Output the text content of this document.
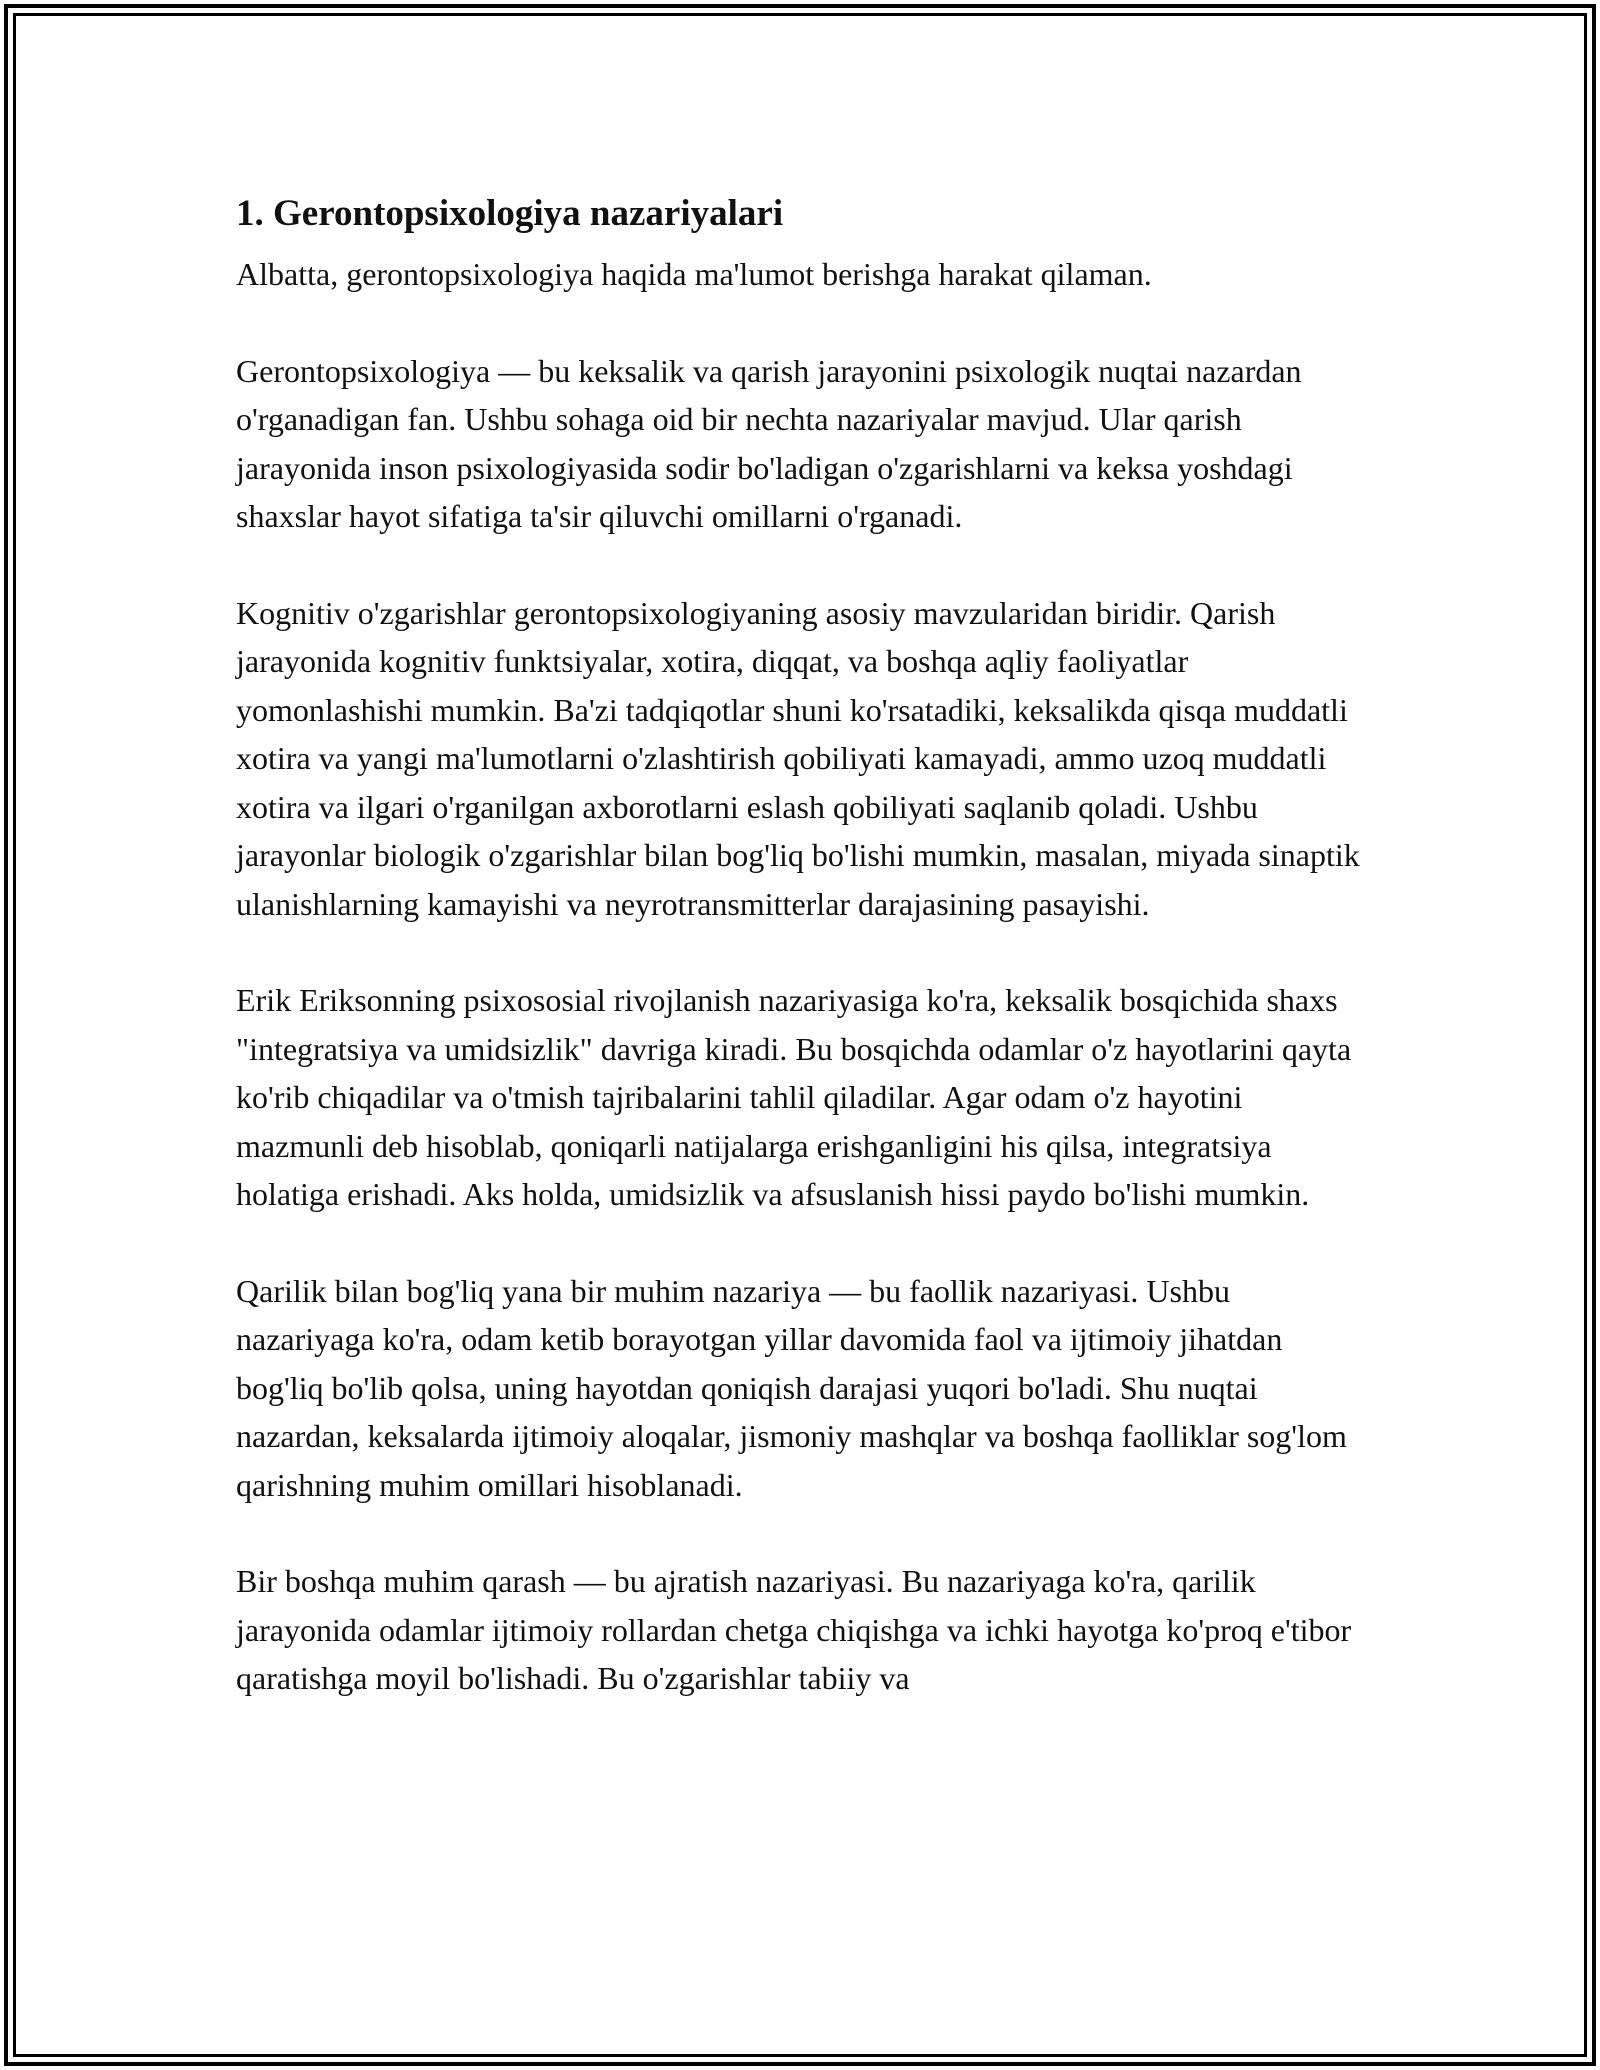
1. Gerontopsixologiya nazariyalari

Albatta, gerontopsixologiya haqida ma'lumot berishga harakat qilaman.

Gerontopsixologiya — bu keksalik va qarish jarayonini psixologik nuqtai nazardan o'rganadigan fan. Ushbu sohaga oid bir nechta nazariyalar mavjud. Ular qarish jarayonida inson psixologiyasida sodir bo'ladigan o'zgarishlarni va keksa yoshdagi shaxslar hayot sifatiga ta'sir qiluvchi omillarni o'rganadi.

Kognitiv o'zgarishlar gerontopsixologiyaning asosiy mavzularidan biridir. Qarish jarayonida kognitiv funktsiyalar, xotira, diqqat, va boshqa aqliy faoliyatlar yomonlashishi mumkin. Ba'zi tadqiqotlar shuni ko'rsatadiki, keksalikda qisqa muddatli xotira va yangi ma'lumotlarni o'zlashtirish qobiliyati kamayadi, ammo uzoq muddatli xotira va ilgari o'rganilgan axborotlarni eslash qobiliyati saqlanib qoladi. Ushbu jarayonlar biologik o'zgarishlar bilan bog'liq bo'lishi mumkin, masalan, miyada sinaptik ulanishlarning kamayishi va neyrotransmitterlar darajasining pasayishi.

Erik Eriksonning psixososial rivojlanish nazariyasiga ko'ra, keksalik bosqichida shaxs "integratsiya va umidsizlik" davriga kiradi. Bu bosqichda odamlar o'z hayotlarini qayta ko'rib chiqadilar va o'tmish tajribalarini tahlil qiladilar. Agar odam o'z hayotini mazmunli deb hisoblab, qoniqarli natijalarga erishganligini his qilsa, integratsiya holatiga erishadi. Aks holda, umidsizlik va afsuslanish hissi paydo bo'lishi mumkin.

Qarilik bilan bog'liq yana bir muhim nazariya — bu faollik nazariyasi. Ushbu nazariyaga ko'ra, odam ketib borayotgan yillar davomida faol va ijtimoiy jihatdan bog'liq bo'lib qolsa, uning hayotdan qoniqish darajasi yuqori bo'ladi. Shu nuqtai nazardan, keksalarda ijtimoiy aloqalar, jismoniy mashqlar va boshqa faolliklar sog'lom qarishning muhim omillari hisoblanadi.

Bir boshqa muhim qarash — bu ajratish nazariyasi. Bu nazariyaga ko'ra, qarilik jarayonida odamlar ijtimoiy rollardan chetga chiqishga va ichki hayotga ko'proq e'tibor qaratishga moyil bo'lishadi. Bu o'zgarishlar tabiiy va
